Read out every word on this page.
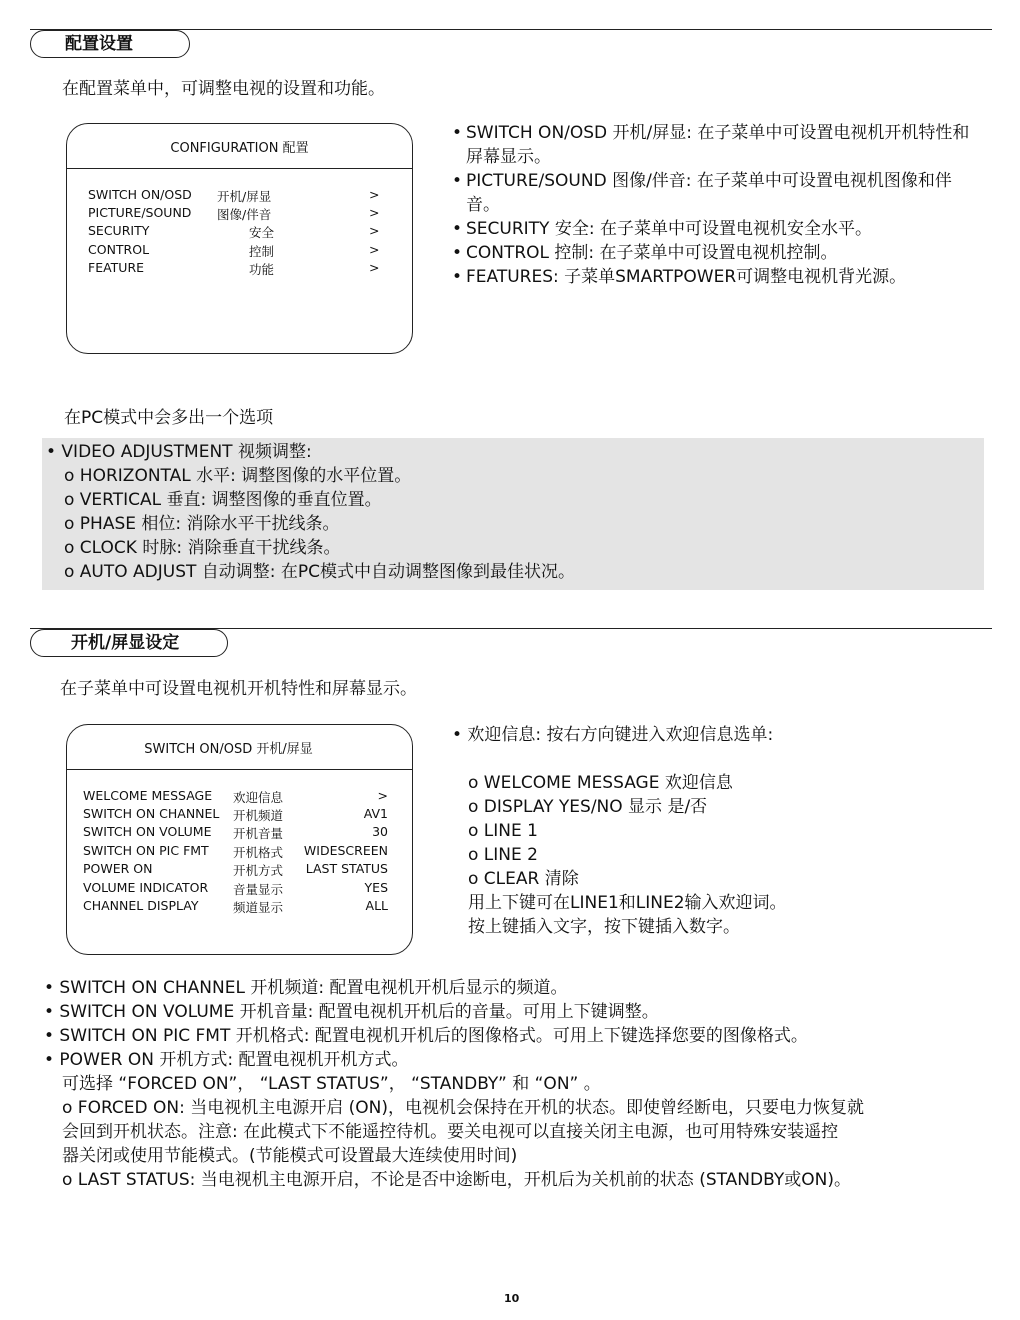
配置设置
在配置菜单中，可调整电视的设置和功能。
CONFIGURATION 配置
SWITCH ON/OSD 开机/屏显	>
PICTURE/SOUND 图像/伴音	>
SECURITY	安全	>
CONTROL	控制	>
FEATURE	功能	>
• SWITCH ON/OSD 开机/屏显: 在子菜单中可设置电视机开机特性和屏幕显示。
• PICTURE/SOUND 图像/伴音: 在子菜单中可设置电视机图像和伴音。
• SECURITY 安全: 在子菜单中可设置电视机安全水平。
• CONTROL 控制: 在子菜单中可设置电视机控制。
• FEATURES: 子菜单SMARTPOWER可调整电视机背光源。
在PC模式中会多出一个选项
• VIDEO ADJUSTMENT 视频调整:
o HORIZONTAL 水平: 调整图像的水平位置。
o VERTICAL 垂直: 调整图像的垂直位置。
o PHASE 相位: 消除水平干扰线条。
o CLOCK 时脉: 消除垂直干扰线条。
o AUTO ADJUST 自动调整: 在PC模式中自动调整图像到最佳状况。
开机/屏显设定
在子菜单中可设置电视机开机特性和屏幕显示。
SWITCH ON/OSD 开机/屏显
WELCOME MESSAGE 欢迎信息	>
SWITCH ON CHANNEL 开机频道	AV1
SWITCH ON VOLUME 开机音量	30
SWITCH ON PIC FMT 开机格式 WIDESCREEN
POWER ON	开机方式 LAST STATUS
VOLUME INDICATOR 音量显示	YES
CHANNEL DISPLAY	频道显示	ALL
• 欢迎信息: 按右方向键进入欢迎信息选单:
o WELCOME MESSAGE 欢迎信息
o DISPLAY YES/NO 显示 是/否
o LINE 1
o LINE 2
o CLEAR 清除
用上下键可在LINE1和LINE2输入欢迎词。
按上键插入文字，按下键插入数字。
• SWITCH ON CHANNEL 开机频道: 配置电视机开机后显示的频道。
• SWITCH ON VOLUME 开机音量: 配置电视机开机后的音量。可用上下键调整。
• SWITCH ON PIC FMT 开机格式: 配置电视机开机后的图像格式。可用上下键选择您要的图像格式。
• POWER ON 开机方式: 配置电视机开机方式。
可选择 “FORCED ON”， “LAST STATUS”， “STANDBY” 和 “ON” 。
o FORCED ON: 当电视机主电源开启 (ON)，电视机会保持在开机的状态。即使曾经断电，只要电力恢复就
会回到开机状态。注意: 在此模式下不能遥控待机。要关电视可以直接关闭主电源，也可用特殊安装遥控
器关闭或使用节能模式。(节能模式可设置最大连续使用时间)
o LAST STATUS: 当电视机主电源开启，不论是否中途断电，开机后为关机前的状态 (STANDBY或ON)。
10
